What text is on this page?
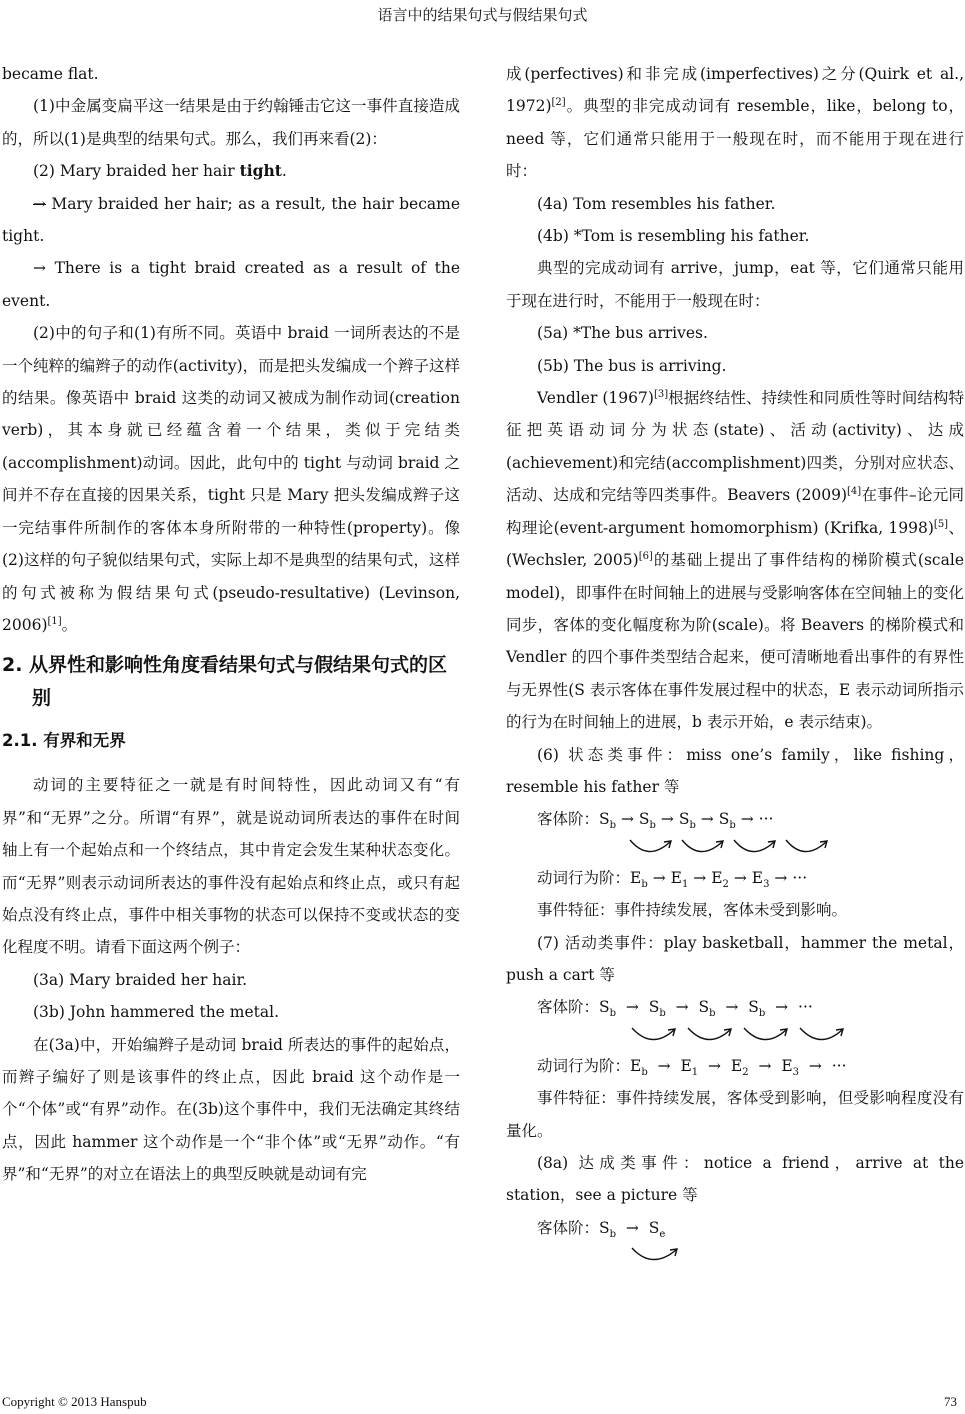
语言中的结果句式与假结果句式

became flat.

(1)中金属变扁平这一结果是由于约翰锤击它这一事件直接造成的，所以(1)是典型的结果句式。那么，我们再来看(2)：

(2) Mary braided her hair tight.

→ Mary braided her hair; as a result, the hair became tight.

→ There is a tight braid created as a result of the event.

(2)中的句子和(1)有所不同。英语中 braid 一词所表达的不是一个纯粹的编辫子的动作(activity)，而是把头发编成一个辫子这样的结果。像英语中 braid 这类的动词又被成为制作动词(creation verb)，其本身就已经蕴含着一个结果，类似于完结类(accomplishment)动词。因此，此句中的 tight 与动词 braid 之间并不存在直接的因果关系，tight 只是 Mary 把头发编成辫子这一完结事件所制作的客体本身所附带的一种特性(property)。像(2)这样的句子貌似结果句式，实际上却不是典型的结果句式，这样的句式被称为假结果句式(pseudo-resultative) (Levinson, 2006)[1]。

2. 从界性和影响性角度看结果句式与假结果句式的区别

2.1. 有界和无界

动词的主要特征之一就是有时间特性，因此动词又有“有界”和“无界”之分。所谓“有界”，就是说动词所表达的事件在时间轴上有一个起始点和一个终结点，其中肯定会发生某种状态变化。而“无界”则表示动词所表达的事件没有起始点和终止点，或只有起始点没有终止点，事件中相关事物的状态可以保持不变或状态的变化程度不明。请看下面这两个例子：

(3a) Mary braided her hair.

(3b) John hammered the metal.

在(3a)中，开始编辫子是动词 braid 所表达的事件的起始点，而辫子编好了则是该事件的终止点，因此 braid 这个动作是一个“个体”或“有界”动作。在(3b)这个事件中，我们无法确定其终结点，因此 hammer 这个动作是一个“非个体”或“无界”动作。“有界”和“无界”的对立在语法上的典型反映就是动词有完

成(perfectives)和非完成(imperfectives)之分(Quirk et al., 1972)[2]。典型的非完成动词有 resemble，like，belong to，need 等，它们通常只能用于一般现在时，而不能用于现在进行时：

(4a) Tom resembles his father.

(4b) *Tom is resembling his father.

典型的完成动词有 arrive，jump，eat 等，它们通常只能用于现在进行时，不能用于一般现在时：

(5a) *The bus arrives.

(5b) The bus is arriving.

Vendler (1967)[3]根据终结性、持续性和同质性等时间结构特征把英语动词分为状态(state)、活动(activity)、达成(achievement)和完结(accomplishment)四类，分别对应状态、活动、达成和完结等四类事件。Beavers (2009)[4]在事件–论元同构理论(event-argument homomorphism) (Krifka, 1998)[5]、(Wechsler, 2005)[6]的基础上提出了事件结构的梯阶模式(scale model)，即事件在时间轴上的进展与受影响客体在空间轴上的变化同步，客体的变化幅度称为阶(scale)。将 Beavers 的梯阶模式和 Vendler 的四个事件类型结合起来，便可清晰地看出事件的有界性与无界性(S 表示客体在事件发展过程中的状态，E 表示动词所指示的行为在时间轴上的进展，b 表示开始，e 表示结束)。

(6) 状态类事件：miss one’s family，like fishing，resemble his father 等

客体阶：$S_b \to S_b \to S_b \to S_b$ → ···

动词行为阶：$E_b \to E_1 \to E_2 \to E_3$ → ···

事件特征：事件持续发展，客体未受到影响。

(7) 活动类事件：play basketball，hammer the metal，push a cart 等

客体阶：$S_b \to S_b \to S_b \to S_b$ → ···

动词行为阶：$E_b \to E_1 \to E_2 \to E_3$ → ···

事件特征：事件持续发展，客体受到影响，但受影响程度没有量化。

(8a) 达成类事件：notice a friend，arrive at the station，see a picture 等

客体阶：$S_b \to S_e$

Copyright © 2013 Hanspub	73
